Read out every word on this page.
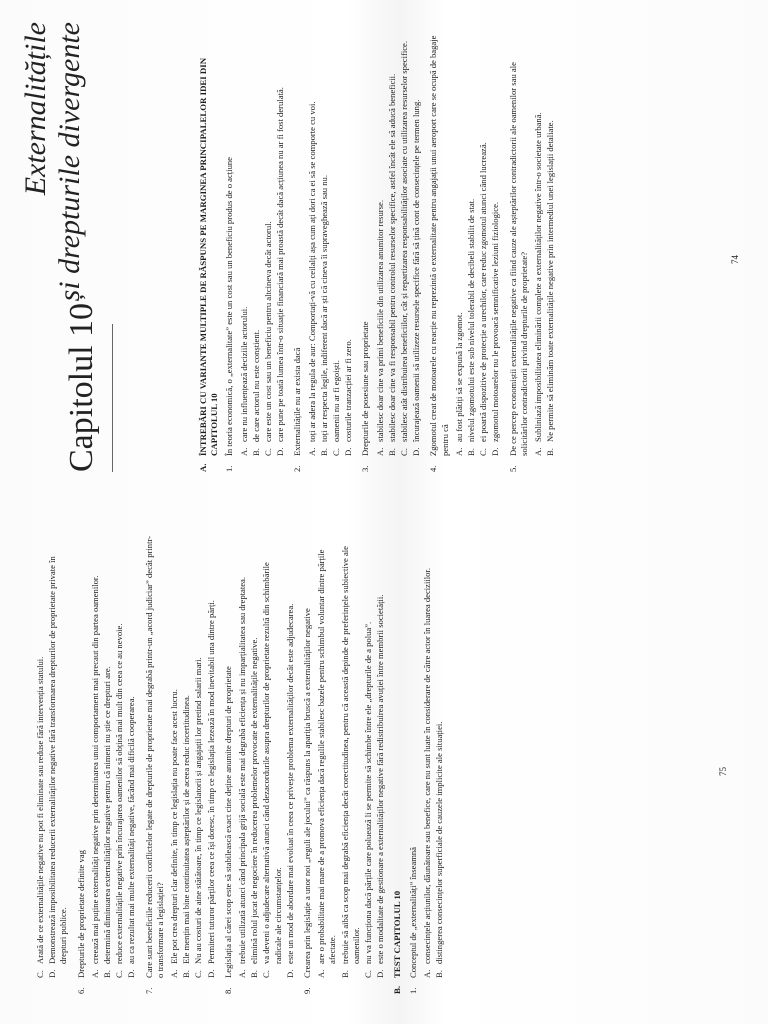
C.
Arată de ce externalitățile negative nu pot fi eliminate sau reduse fără intervenția statului.
D.
Demonstrează imposibilitatea reducerii externalităților negative fără transformarea drepturilor de proprietate private în drepturi publice.
6.
Drepturile de proprietate definite vag A.
creează mai puține externalități negative prin determinarea unui comportament mai precaut din partea oamenilor.
B.
determină diminuarea externalităților negative pentru că nimeni nu știe ce drepturi are.
C.
reduce externalitățile negative prin încurajarea oamenilor să obțină mai mult din ceea ce au nevoie.
D.
au ca rezultat mai multe externalități negative, făcând mai dificilă cooperarea.
7.
Care sunt beneficiile reducerii conflictelor legate de drepturile de proprietate mai degrabă printr-un „acord judiciar” decât printr-o transformare a legislației? A.
Ele pot crea drepturi clar definite, în timp ce legislația nu poate face acest lucru.
B.
Ele mențin mai bine continuitatea așteptărilor și de aceea reduc incertitudinea.
C.
Nu au costuri de aine stătătoare, în timp ce legislatorii și angajații lor pretind salarii mari.
D.
Permiteri tuturor părților ceea ce își doresc, în timp ce legislația lezează în mod inevitabil una dintre părți.
8.
Legislația al cărei scop este să stabilească exact cine deține anumite drepturi de proprietate A.
trebuie utilizată atunci când principala grijă socială este mai degrabă eficiența și nu imparțialitatea sau dreptatea.
B.
elimină rolul jucat de negociere în reducerea problemelor provocate de externalitățile negative.
C.
va deveni o adjudecare alternativă atunci când dezacordurile asupra drepturilor de proprietate rezultă din schimbările radicale ale circumstanțelor.
D.
este un mod de abordare mai evoluat în ceea ce privește problema externalităților decât este adjudecarea.
9.
Crearea prin legislație a unor noi „reguli ale jocului” ca răspuns la apariția bruscă a externalităților negative A.
are o probabilitate mai mare de a promova eficiența dacă regulile stabilesc bazele pentru schimbul voluntar dintre părțile afectate.
B.
trebuie să aibă ca scop mai degrabă eficiența decât corectitudinea, pentru că această depinde de preferințele subiective ale oamenilor.
C.
nu va funcționa dacă părțile care poluează li se permite să schimbe între ele „drepturile de a polua”.
D.
este o modalitate de gestionare a externalităților negative fără redistribuirea avuției între membrii societății.
B.
TEST CAPITOLUL 10
1.
Conceptul de „externalități” înseamnă A.
consecințele acțiunilor, dăunătoare sau benefice, care nu sunt luate în considerare de către actor în luarea deciziilor.
B.
distingerea consecințelor superficiale de cauzele implicite ale situației.	75
Capitolul 10
Externalitățile și drepturile divergente
A.
ÎNTREBĂRI CU VARIANTE MULTIPLE DE RĂSPUNS PE MARGINEA PRINCIPALELOR IDEI DIN CAPITOLUL 10
1.
În teoria economică, o „externalitate” este un cost sau un beneficiu produs de o acțiune A.
care nu influențează deciziile actorului.
B.
de care actorul nu este conștient.
C.
care este un cost sau un beneficiu pentru altcineva decât actorul.
D.
care pune pe toată lumea într-o situație financiară mai proastă decât dacă acțiunea nu ar fi fost derulată.
2.
Externalitățile nu ar exista dacă A.
toți ar adera la regula de aur: Comportați-vă cu ceilalți așa cum ați dori ca ei să se comporte cu voi.
B.
toți ar respecta legile, indiferent dacă ar ști că cineva îi supraveghează sau nu.
C.
oamenii nu ar fi egoiști.
D.
costurile tranzacției ar fi zero.
3.
Drepturile de posesiune sau proprietate A.
stabilesc doar cine va primi beneficiile din utilizarea anumitor resurse.
B.
stabilesc doar cine va fi responsabil pentru controlul resurselor specifice, astfel încât ele să aducă beneficii.
C.
stabilesc atât distribuirea beneficiilor, cât și repartizarea responsabilităților asociate cu utilizarea resurselor specifice.
D.
încurajează oamenii să utilizeze resursele specifice fără să țină cont de consecințele pe termen lung.
4.
Zgomotul creat de motoarele cu reacție nu reprezintă o externalitate pentru angajații unui aeroport care se ocupă de bagaje pentru că A.
au fost plătiți să se expună la zgomot.
B.
nivelul zgomotului este sub nivelul tolerabil de decibeli stabilit de stat.
C.
ei poartă dispozitive de protecție a urechilor, care reduc zgomotul atunci când lucrează.
D.
zgomotul motoarelor nu le provoacă semnificative leziuni fiziologice.
5.
De ce percep economiștii externalitățile negative ca fiind cauze ale așteptărilor contradictorii ale oamenilor sau ale solicitărilor contradictorii privind drepturile de proprietate? A.
Subliniază imposibilitatea eliminării complete a externalităților negative într-o societate urbană.
B.
Ne permite să eliminăm toate externalitățile negative prin intermediul unei legislații detaliate.	74
